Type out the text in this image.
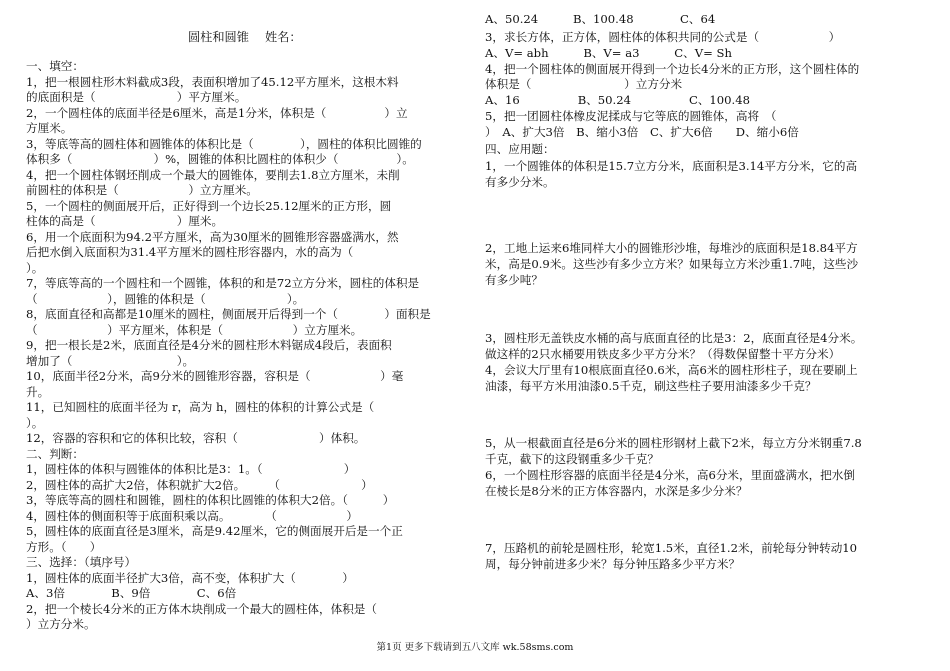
圆柱和圆锥　 姓名：
一、填空：
1，把一根圆柱形木料截成3段，表面积增加了45.12平方厘米，这根木料
的底面积是（　　　　　　　）平方厘米。
2，一个圆柱体的底面半径是6厘米，高是1分米，体积是（　　　　　）立
方厘米。
3，等底等高的圆柱体和圆锥体的体积比是（　　　　），圆柱的体积比圆锥的
体积多（　　　　　　　）%，圆锥的体积比圆柱的体积少（　　　　　）。
4，把一个圆柱体钢坯削成一个最大的圆锥体，要削去1.8立方厘米，未削
前圆柱的体积是（　　　　　　）立方厘米。
5，一个圆柱的侧面展开后，正好得到一个边长25.12厘米的正方形，圆
柱体的高是（　　　　　　　）厘米。
6，用一个底面积为94.2平方厘米，高为30厘米的圆锥形容器盛满水，然
后把水倒入底面积为31.4平方厘米的圆柱形容器内，水的高为（
）。
7，等底等高的一个圆柱和一个圆锥，体积的和是72立方分米，圆柱的体积是
（　　　　　　），圆锥的体积是（　　　　　　　）。
8，底面直径和高都是10厘米的圆柱，侧面展开后得到一个（　　　　）面积是
（　　　　　　）平方厘米，体积是（　　　　　　）立方厘米。
9，把一根长是2米，底面直径是4分米的圆柱形木料锯成4段后，表面积
增加了（　　　　　　　　　）。
10，底面半径2分米，高9分米的圆锥形容器，容积是（　　　　　　）毫
升。
11，已知圆柱的底面半径为 r，高为 h，圆柱的体积的计算公式是（
）。
12，容器的容积和它的体积比较，容积（　　　　　　　）体积。
二、判断：
1，圆柱体的体积与圆锥体的体积比是3：1。（　　　　　　　）
2，圆柱体的高扩大2倍，体积就扩大2倍。　　　（　　　　　　　）
3，等底等高的圆柱和圆锥，圆柱的体积比圆锥的体积大2倍。（　　　）
4，圆柱体的侧面积等于底面积乘以高。　　　　（　　　　　　）
5，圆柱体的底面直径是3厘米，高是9.42厘米，它的侧面展开后是一个正
方形。（　　）
三、选择：（填序号）
1，圆柱体的底面半径扩大3倍，高不变，体积扩大（　　　　）
A、3倍　　　　B、9倍　　　　C、6倍
2，把一个棱长4分米的正方体木块削成一个最大的圆柱体，体积是（
）立方分米。
A、50.24　　　B、100.48　　　　C、64
3，求长方体，正方体，圆柱体的体积共同的公式是（　　　　　　）
A、V= abh　　　B、V= a3　　　C、V= Sh
4，把一个圆柱体的侧面展开得到一个边长4分米的正方形，这个圆柱体的
体积是（　　　　　　　　）立方分米
A、16　　　　　B、50.24　　　　　C、100.48
5，把一团圆柱体橡皮泥揉成与它等底的圆锥体，高将　（
）　A、扩大3倍　B、缩小3倍　C、扩大6倍　　D、缩小6倍
四、应用题：
1，一个圆锥体的体积是15.7立方分米，底面积是3.14平方分米，它的高
有多少分米。
2，工地上运来6堆同样大小的圆锥形沙堆，每堆沙的底面积是18.84平方
米，高是0.9米。这些沙有多少立方米？如果每立方米沙重1.7吨，这些沙
有多少吨？
3，圆柱形无盖铁皮水桶的高与底面直径的比是3：2，底面直径是4分米。
做这样的2只水桶要用铁皮多少平方分米？（得数保留整十平方分米）
4，会议大厅里有10根底面直径0.6米，高6米的圆柱形柱子，现在要刷上
油漆，每平方米用油漆0.5千克，刷这些柱子要用油漆多少千克？
5，从一根截面直径是6分米的圆柱形钢材上截下2米，每立方分米钢重7.8
千克，截下的这段钢重多少千克？
6，一个圆柱形容器的底面半径是4分米，高6分米，里面盛满水，把水倒
在棱长是8分米的正方体容器内，水深是多少分米？
7，压路机的前轮是圆柱形，轮宽1.5米，直径1.2米，前轮每分钟转动10
周，每分钟前进多少米？每分钟压路多少平方米？
第1页 更多下载请到五八文库 wk.58sms.com
